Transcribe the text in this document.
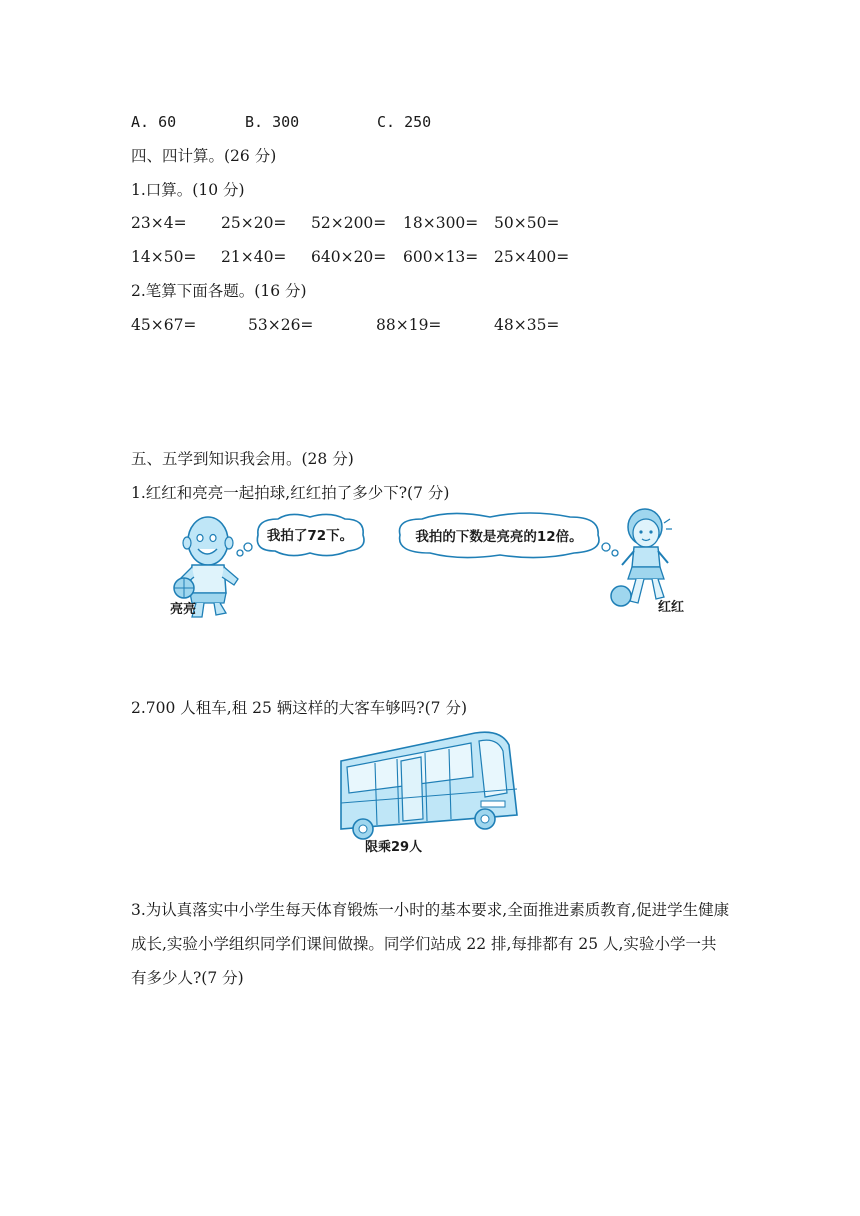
A. 60	B. 300	C. 250
四、四计算。(26 分)
1.口算。(10 分)
23×4= 25×20= 52×200= 18×300= 50×50=
14×50= 21×40= 640×20= 600×13= 25×400=
2.笔算下面各题。(16 分)
45×67=	53×26=	88×19=	48×35=
五、五学到知识我会用。(28 分)
1.红红和亮亮一起拍球,红红拍了多少下?(7 分)
我拍了72下。	我拍的下数是亮亮的12倍。
亮亮	红红
2.700 人租车,租 25 辆这样的大客车够吗?(7 分)
限乘29人
3.为认真落实中小学生每天体育锻炼一小时的基本要求,全面推进素质教育,促进学生健康成长,实验小学组织同学们课间做操。同学们站成 22 排,每排都有 25 人,实验小学一共有多少人?(7 分)
